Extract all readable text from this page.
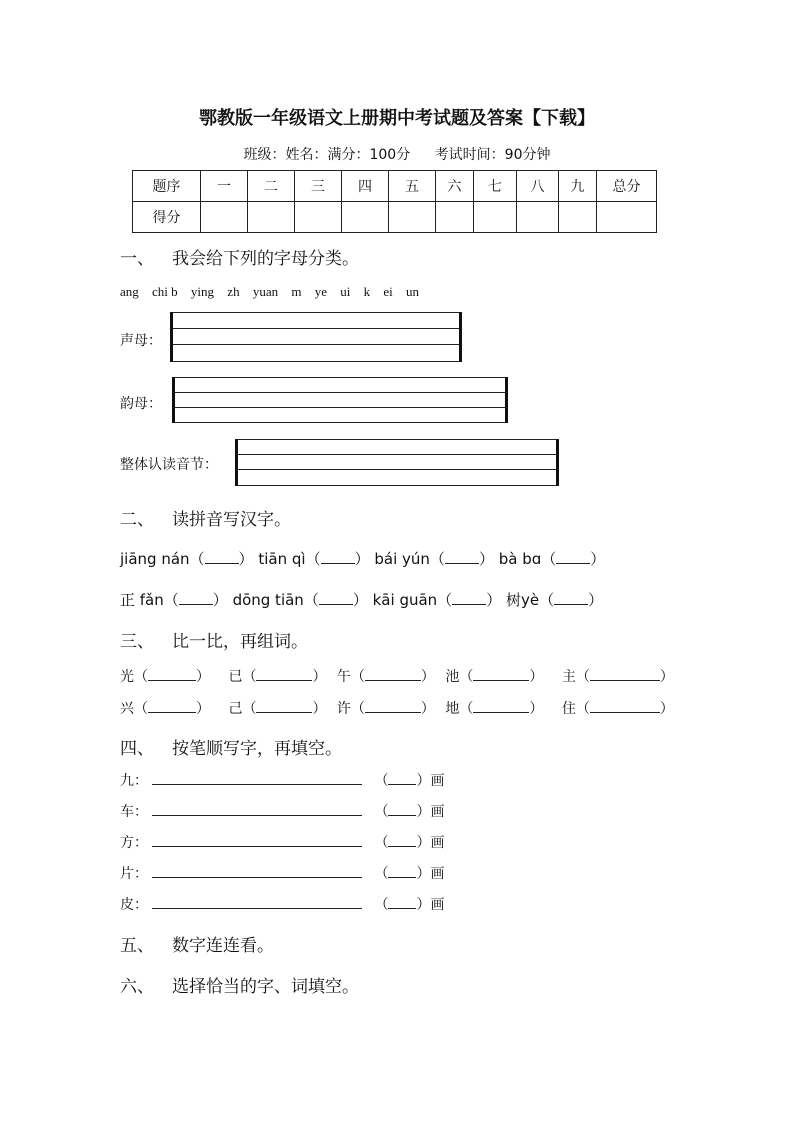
鄂教版一年级语文上册期中考试题及答案【下载】
班级：姓名：满分：100分 考试时间：90分钟
题序	一	二	三	四	五	六	七	八	九	总分
得分										
一、 我会给下列的字母分类。
ang chi b ying zh yuan m ye ui k ei un
声母：
韵母：
整体认读音节：
二、 读拼音写汉字。
jiāng nán（ ） tiān qì（ ） bái yún（ ） bà bɑ（ ）
正 fǎn（ ） dōng tiān（ ） kāi guān（ ） 树yè（ ）
三、 比一比，再组词。
光（	） 已（	） 午（	） 池（	） 主（	）
兴（	） 己（	） 许（	） 地（	） 住（	）
四、 按笔顺写字，再填空。
九：	（ ）画
车：	（ ）画
方：	（ ）画
片：	（ ）画
皮：	（ ）画
五、 数字连连看。
六、 选择恰当的字、词填空。
